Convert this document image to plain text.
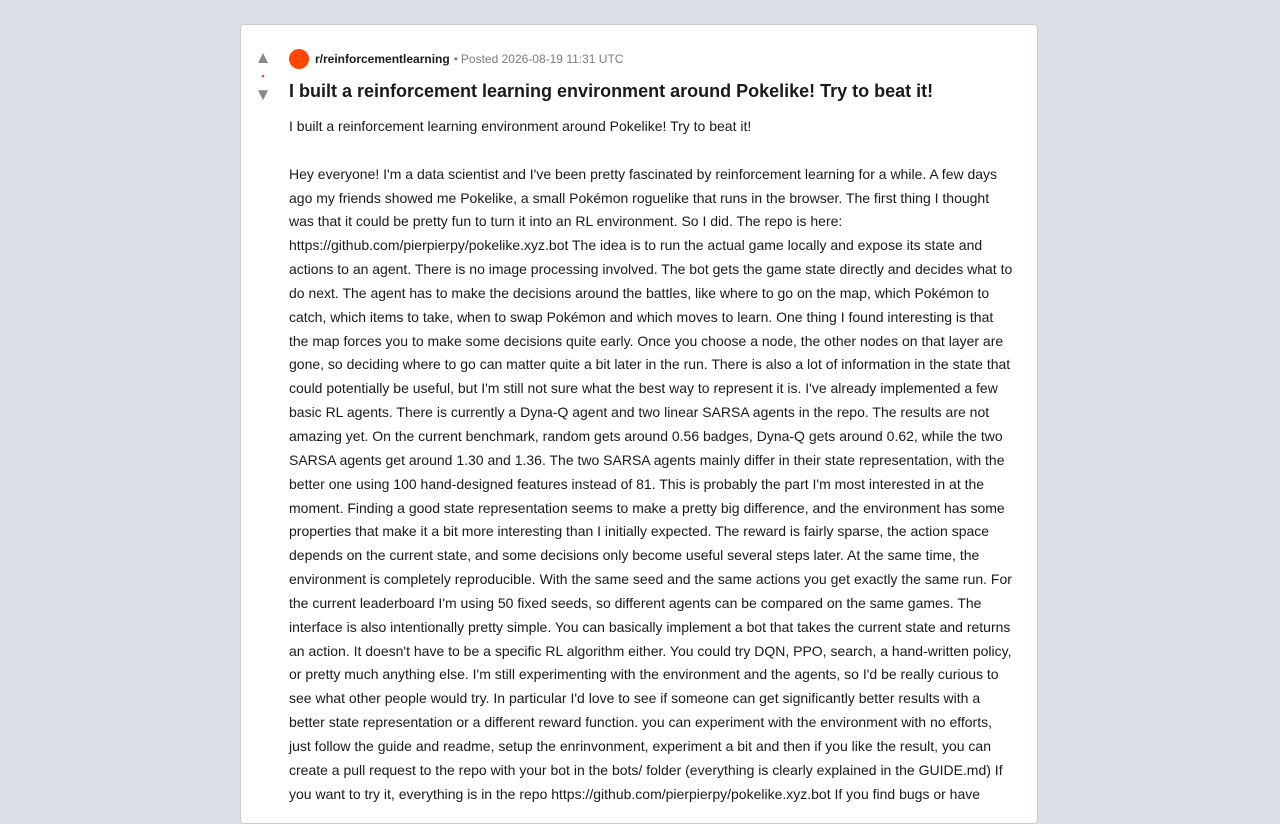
▲
•
▼
r/reinforcementlearning • Posted 2026-08-19 11:31 UTC
I built a reinforcement learning environment around Pokelike! Try to beat it!
I built a reinforcement learning environment around Pokelike! Try to beat it!

Hey everyone! I'm a data scientist and I've been pretty fascinated by reinforcement learning for a while. A few days ago my friends showed me Pokelike, a small Pokémon roguelike that runs in the browser. The first thing I thought was that it could be pretty fun to turn it into an RL environment. So I did. The repo is here: https://github.com/pierpierpy/pokelike.xyz.bot The idea is to run the actual game locally and expose its state and actions to an agent. There is no image processing involved. The bot gets the game state directly and decides what to do next. The agent has to make the decisions around the battles, like where to go on the map, which Pokémon to catch, which items to take, when to swap Pokémon and which moves to learn. One thing I found interesting is that the map forces you to make some decisions quite early. Once you choose a node, the other nodes on that layer are gone, so deciding where to go can matter quite a bit later in the run. There is also a lot of information in the state that could potentially be useful, but I'm still not sure what the best way to represent it is. I've already implemented a few basic RL agents. There is currently a Dyna-Q agent and two linear SARSA agents in the repo. The results are not amazing yet. On the current benchmark, random gets around 0.56 badges, Dyna-Q gets around 0.62, while the two SARSA agents get around 1.30 and 1.36. The two SARSA agents mainly differ in their state representation, with the better one using 100 hand-designed features instead of 81. This is probably the part I'm most interested in at the moment. Finding a good state representation seems to make a pretty big difference, and the environment has some properties that make it a bit more interesting than I initially expected. The reward is fairly sparse, the action space depends on the current state, and some decisions only become useful several steps later. At the same time, the environment is completely reproducible. With the same seed and the same actions you get exactly the same run. For the current leaderboard I'm using 50 fixed seeds, so different agents can be compared on the same games. The interface is also intentionally pretty simple. You can basically implement a bot that takes the current state and returns an action. It doesn't have to be a specific RL algorithm either. You could try DQN, PPO, search, a hand-written policy, or pretty much anything else. I'm still experimenting with the environment and the agents, so I'd be really curious to see what other people would try. In particular I'd love to see if someone can get significantly better results with a better state representation or a different reward function. you can experiment with the environment with no efforts, just follow the guide and readme, setup the enrinvonment, experiment a bit and then if you like the result, you can create a pull request to the repo with your bot in the bots/ folder (everything is clearly explained in the GUIDE.md) If you want to try it, everything is in the repo https://github.com/pierpierpy/pokelike.xyz.bot If you find bugs or have
